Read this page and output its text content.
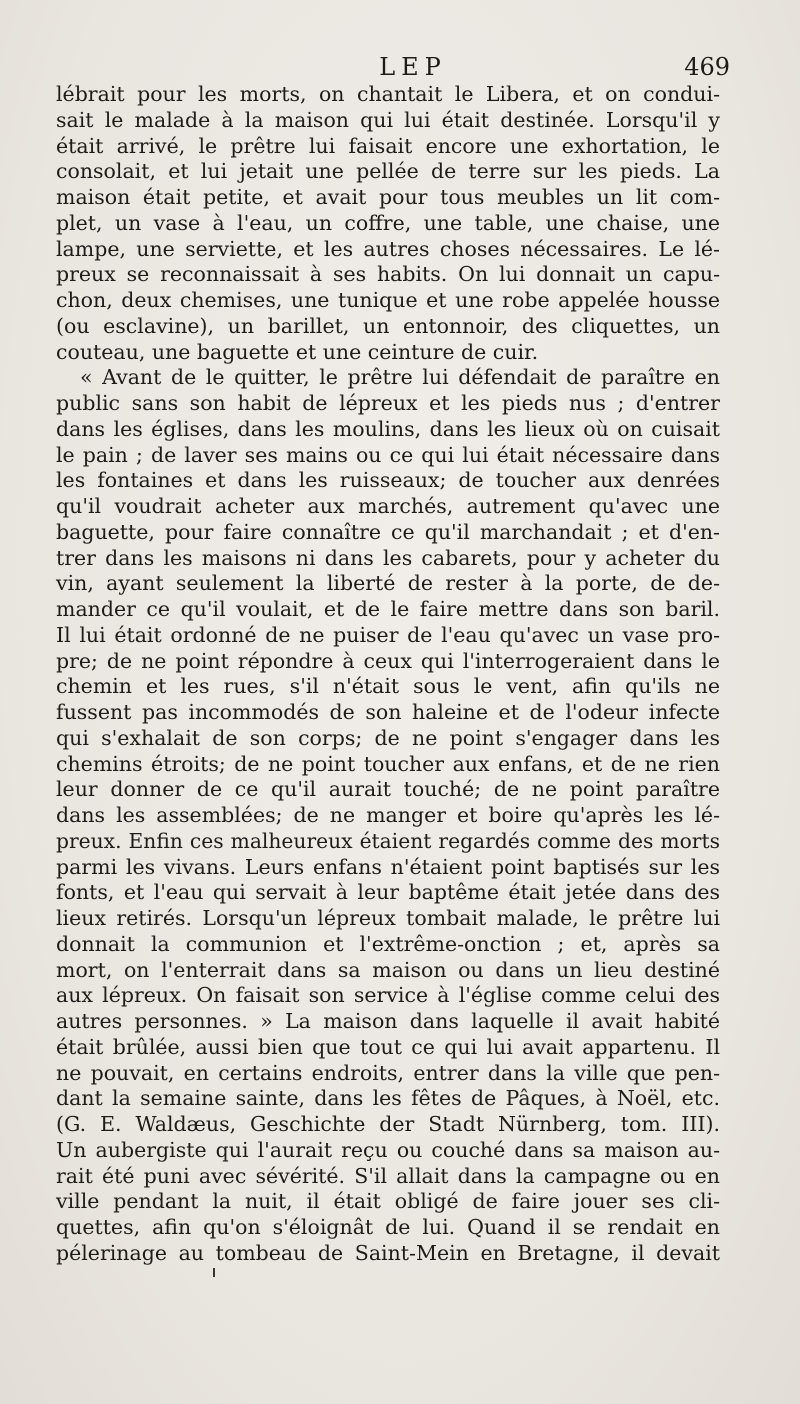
LEP	469
lébrait pour les morts, on chantait le Libera, et on condui-
sait le malade à la maison qui lui était destinée. Lorsqu'il y
était arrivé, le prêtre lui faisait encore une exhortation, le
consolait, et lui jetait une pellée de terre sur les pieds. La
maison était petite, et avait pour tous meubles un lit com-
plet, un vase à l'eau, un coffre, une table, une chaise, une
lampe, une serviette, et les autres choses nécessaires. Le lé-
preux se reconnaissait à ses habits. On lui donnait un capu-
chon, deux chemises, une tunique et une robe appelée housse
(ou esclavine), un barillet, un entonnoir, des cliquettes, un
couteau, une baguette et une ceinture de cuir.
« Avant de le quitter, le prêtre lui défendait de paraître en
public sans son habit de lépreux et les pieds nus ; d'entrer
dans les églises, dans les moulins, dans les lieux où on cuisait
le pain ; de laver ses mains ou ce qui lui était nécessaire dans
les fontaines et dans les ruisseaux; de toucher aux denrées
qu'il voudrait acheter aux marchés, autrement qu'avec une
baguette, pour faire connaître ce qu'il marchandait ; et d'en-
trer dans les maisons ni dans les cabarets, pour y acheter du
vin, ayant seulement la liberté de rester à la porte, de de-
mander ce qu'il voulait, et de le faire mettre dans son baril.
Il lui était ordonné de ne puiser de l'eau qu'avec un vase pro-
pre; de ne point répondre à ceux qui l'interrogeraient dans le
chemin et les rues, s'il n'était sous le vent, afin qu'ils ne
fussent pas incommodés de son haleine et de l'odeur infecte
qui s'exhalait de son corps; de ne point s'engager dans les
chemins étroits; de ne point toucher aux enfans, et de ne rien
leur donner de ce qu'il aurait touché; de ne point paraître
dans les assemblées; de ne manger et boire qu'après les lé-
preux. Enfin ces malheureux étaient regardés comme des morts
parmi les vivans. Leurs enfans n'étaient point baptisés sur les
fonts, et l'eau qui servait à leur baptême était jetée dans des
lieux retirés. Lorsqu'un lépreux tombait malade, le prêtre lui
donnait la communion et l'extrême-onction ; et, après sa
mort, on l'enterrait dans sa maison ou dans un lieu destiné
aux lépreux. On faisait son service à l'église comme celui des
autres personnes. » La maison dans laquelle il avait habité
était brûlée, aussi bien que tout ce qui lui avait appartenu. Il
ne pouvait, en certains endroits, entrer dans la ville que pen-
dant la semaine sainte, dans les fêtes de Pâques, à Noël, etc.
(G. E. Waldæus, Geschichte der Stadt Nürnberg, tom. III).
Un aubergiste qui l'aurait reçu ou couché dans sa maison au-
rait été puni avec sévérité. S'il allait dans la campagne ou en
ville pendant la nuit, il était obligé de faire jouer ses cli-
quettes, afin qu'on s'éloignât de lui. Quand il se rendait en
pélerinage au tombeau de Saint-Mein en Bretagne, il devait
